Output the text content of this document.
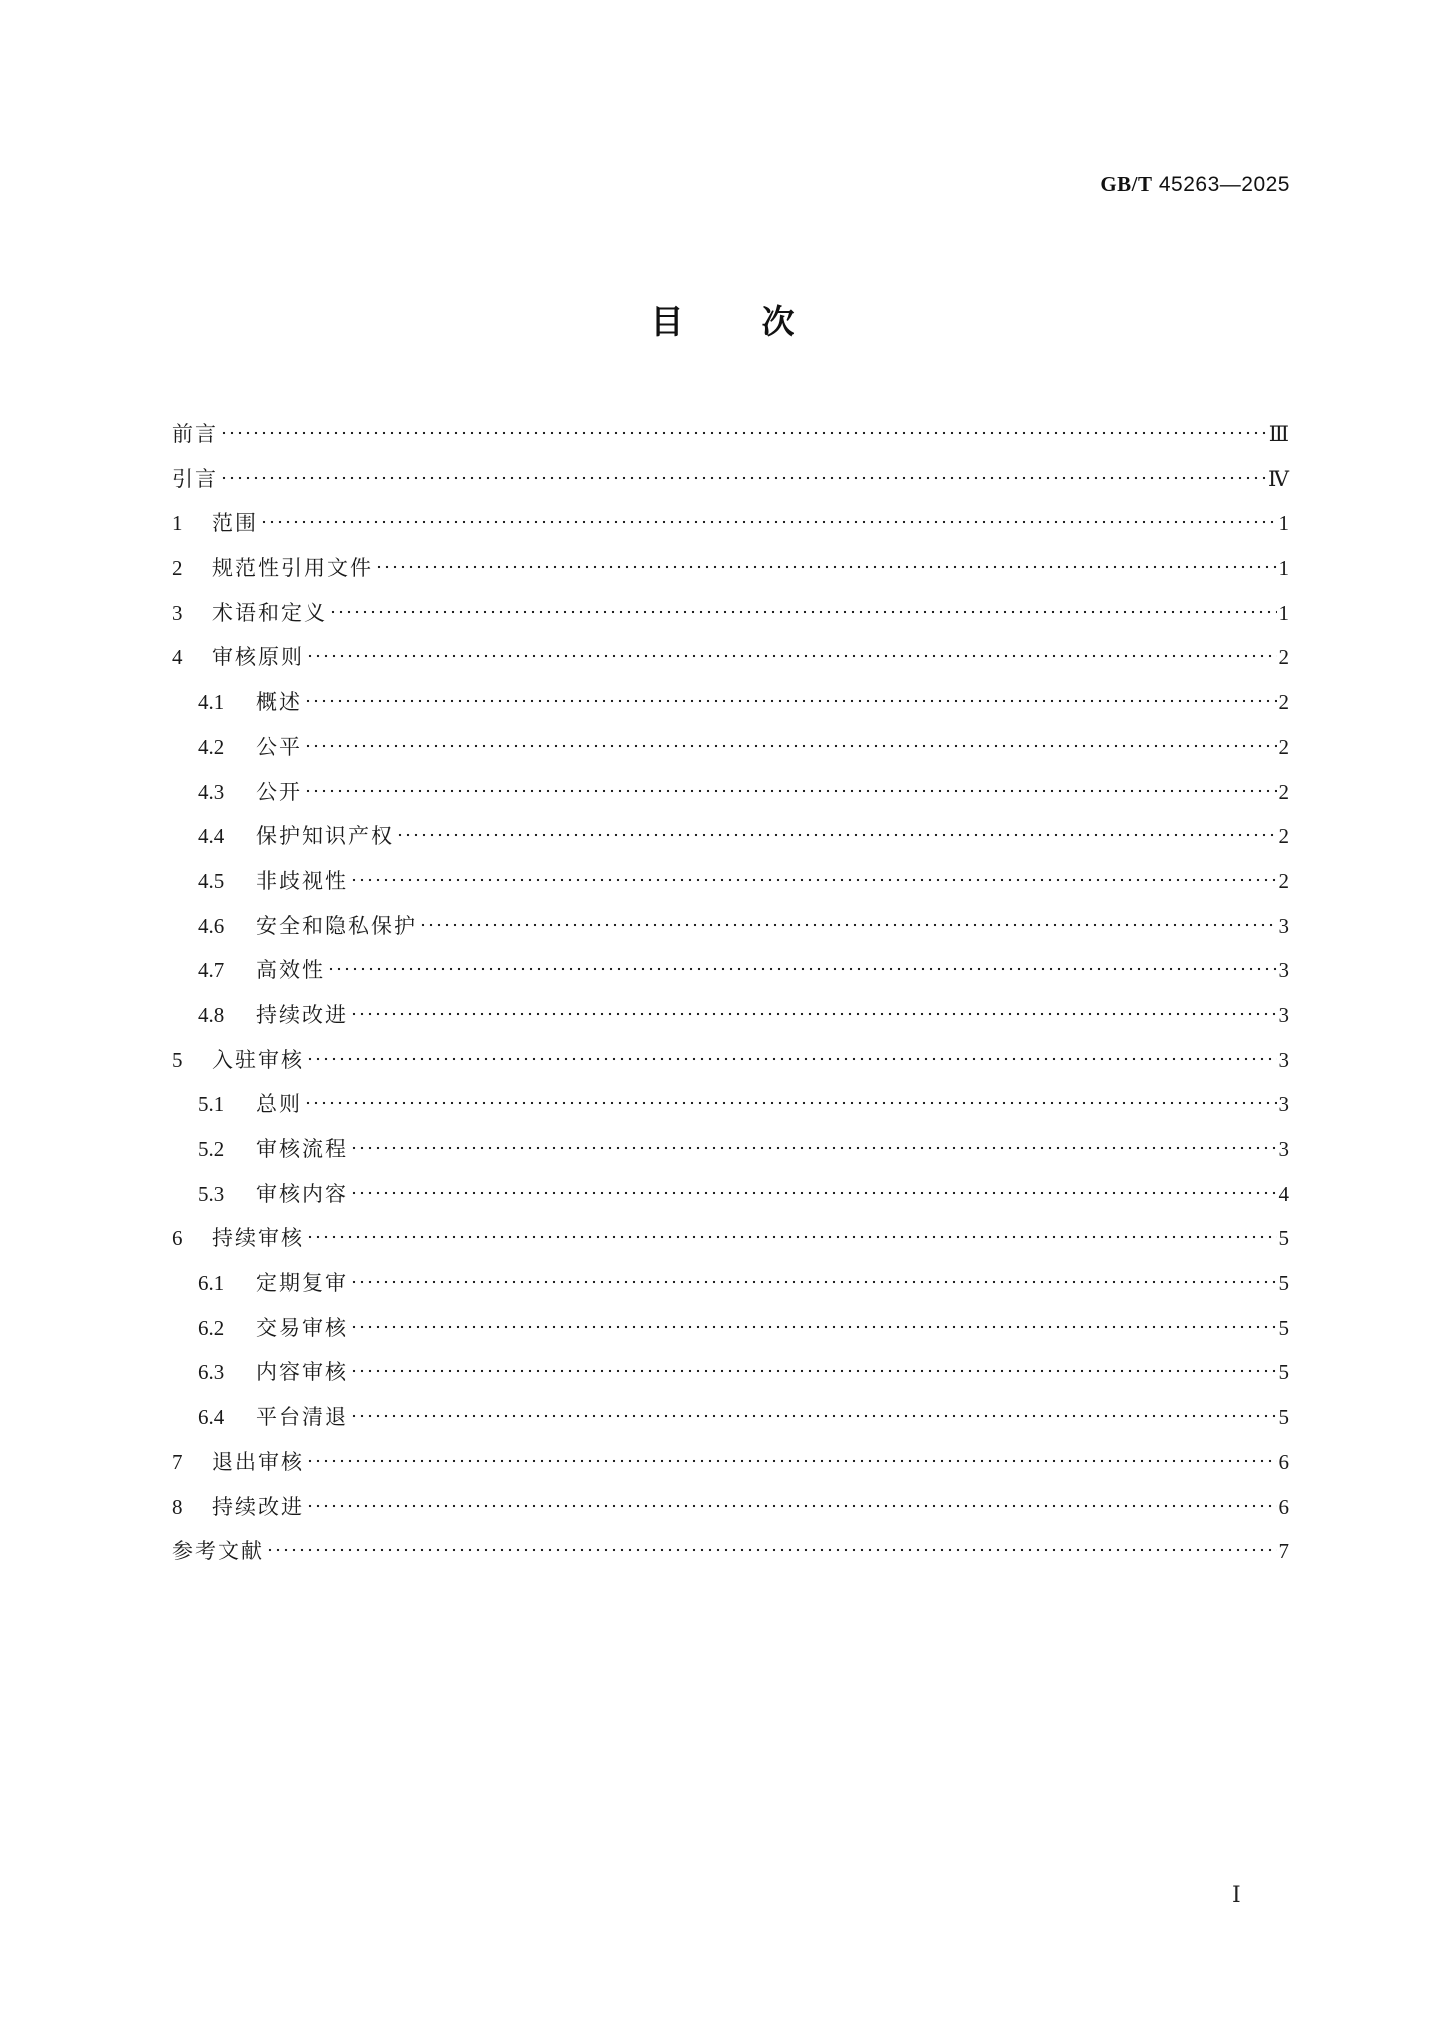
GB/T 45263—2025
目次
前言	Ⅲ
引言	Ⅳ
1	范围	1
2	规范性引用文件	1
3	术语和定义	1
4	审核原则	2
4.1	概述	2
4.2	公平	2
4.3	公开	2
4.4	保护知识产权	2
4.5	非歧视性	2
4.6	安全和隐私保护	3
4.7	高效性	3
4.8	持续改进	3
5	入驻审核	3
5.1	总则	3
5.2	审核流程	3
5.3	审核内容	4
6	持续审核	5
6.1	定期复审	5
6.2	交易审核	5
6.3	内容审核	5
6.4	平台清退	5
7	退出审核	6
8	持续改进	6
参考文献	7
Ⅰ
